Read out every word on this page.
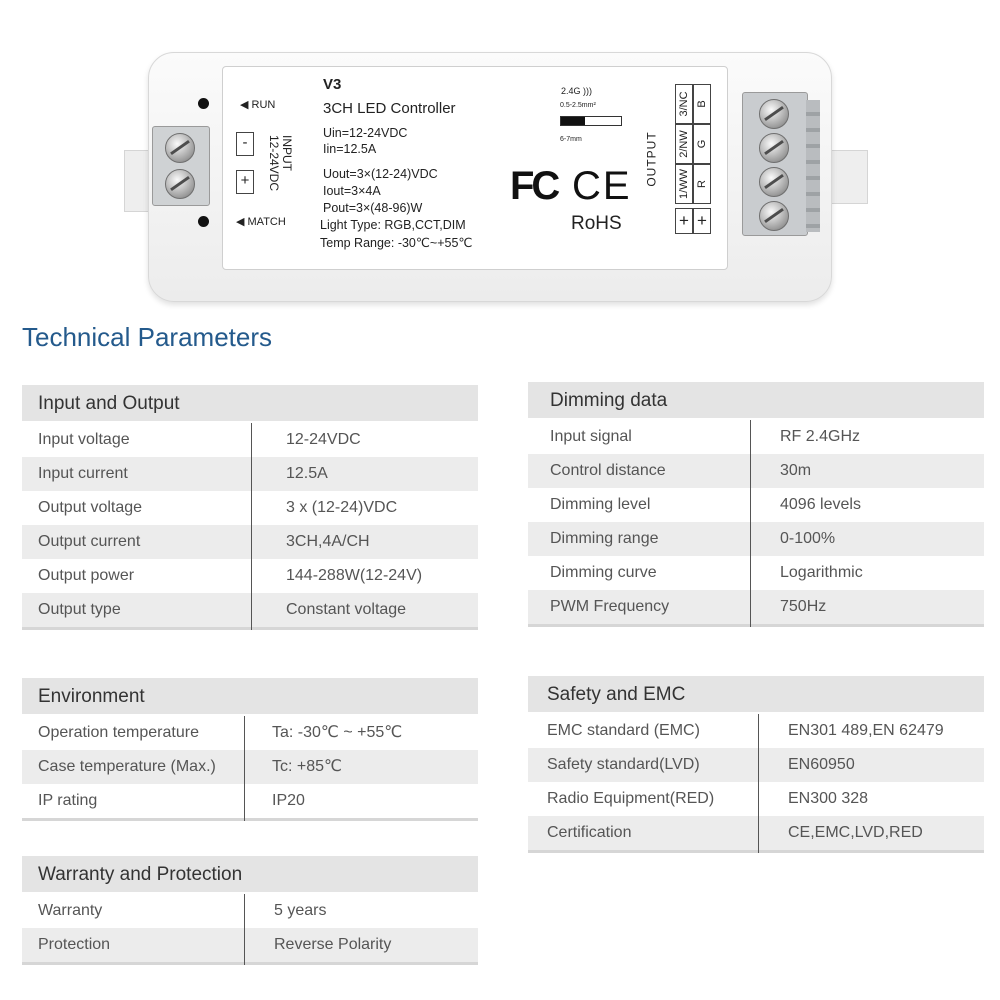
◀ RUN
◀ MATCH
-
+
INPUT
12-24VDC
V3
3CH LED Controller
Uin=12-24VDC
Iin=12.5A
Uout=3×(12-24)VDC
Iout=3×4A
Pout=3×(48-96)W
Light Type: RGB,CCT,DIM
Temp Range: -30℃~+55℃
2.4G )))
0.5-2.5mm²
6-7mm
FC CE
RoHS
OUTPUT
3/NC B
2/NW G
1/WW R
+ +
Technical Parameters
Input and Output
Input voltage	12-24VDC
Input current	12.5A
Output voltage	3 x (12-24)VDC
Output current	3CH,4A/CH
Output power	144-288W(12-24V)
Output type	Constant voltage
Dimming data
Input signal	RF 2.4GHz
Control distance	30m
Dimming level	4096 levels
Dimming range	0-100%
Dimming curve	Logarithmic
PWM Frequency	750Hz
Environment
Operation temperature	Ta: -30℃ ~ +55℃
Case temperature (Max.)	Tc: +85℃
IP rating	IP20
Safety and EMC
EMC standard (EMC)	EN301 489,EN 62479
Safety standard(LVD)	EN60950
Radio Equipment(RED)	EN300 328
Certification	CE,EMC,LVD,RED
Warranty and Protection
Warranty	5 years
Protection	Reverse Polarity
